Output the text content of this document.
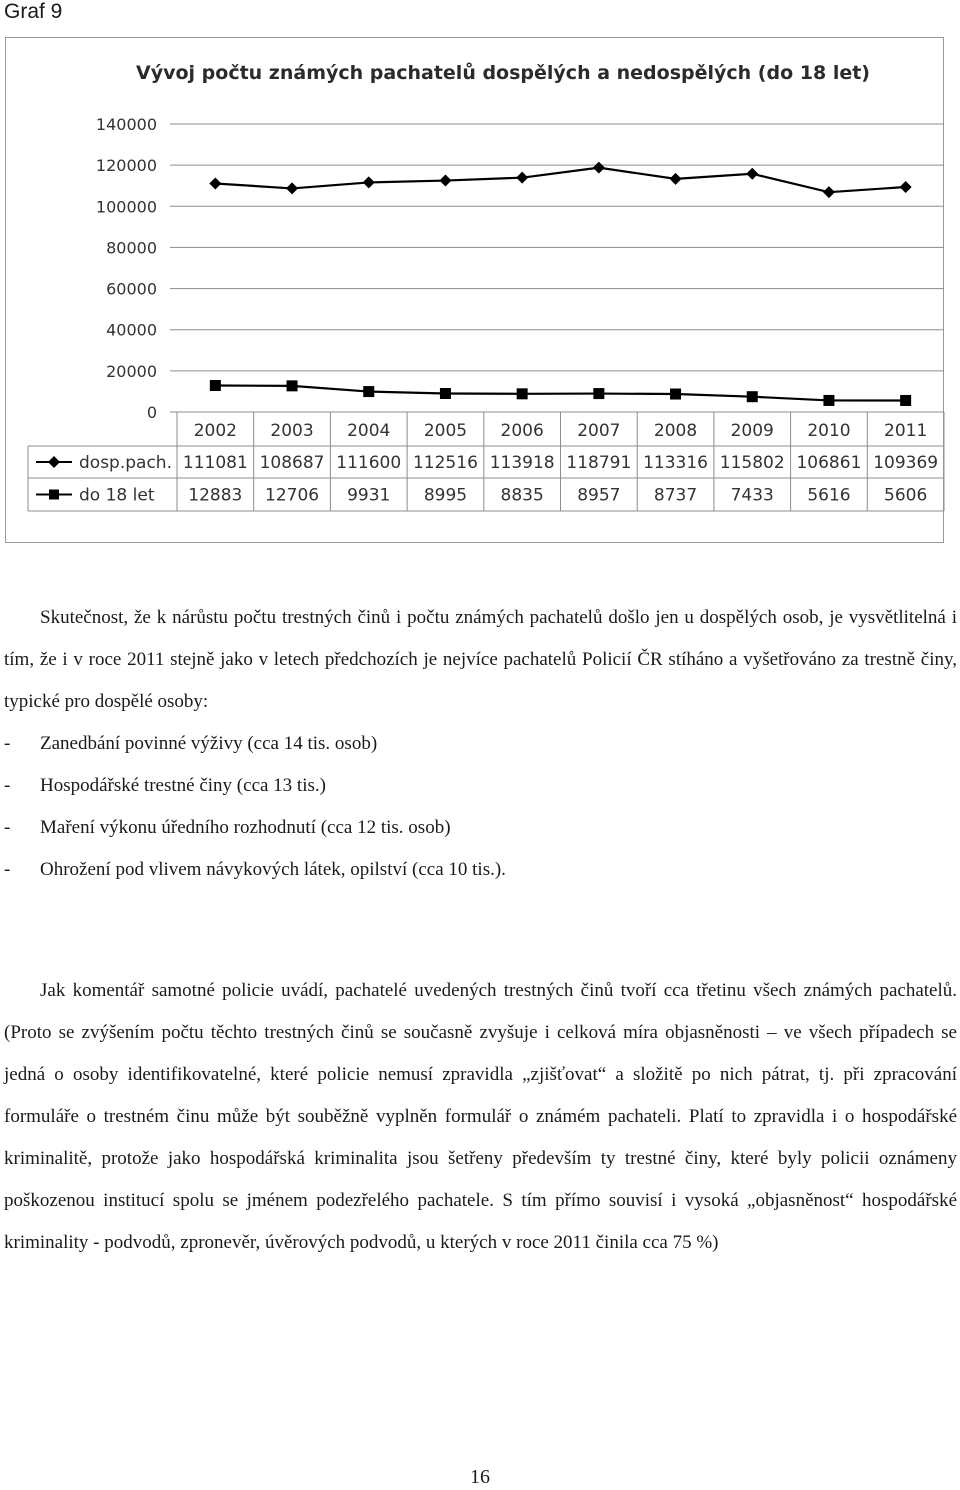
Graf 9
Vývoj počtu známých pachatelů dospělých a nedospělých (do 18 let)
0
20000
40000
60000
80000
100000
120000
140000
2002 2003 2004 2005 2006 2007 2008 2009 2010 2011
dosp.pach. 111081 108687 111600 112516 113918 118791 113316 115802 106861 109369
do 18 let 12883 12706 9931 8995 8835 8957 8737 7433 5616 5606

Skutečnost, že k nárůstu počtu trestných činů i počtu známých pachatelů došlo jen u dospělých osob, je vysvětlitelná i tím, že i v roce 2011 stejně jako v letech předchozích je nejvíce pachatelů Policií ČR stíháno a vyšetřováno za trestně činy, typické pro dospělé osoby:

- Zanedbání povinné výživy (cca 14 tis. osob)
- Hospodářské trestné činy (cca 13 tis.)
- Maření výkonu úředního rozhodnutí (cca 12 tis. osob)
- Ohrožení pod vlivem návykových látek, opilství (cca 10 tis.).

Jak komentář samotné policie uvádí, pachatelé uvedených trestných činů tvoří cca třetinu všech známých pachatelů. (Proto se zvýšením počtu těchto trestných činů se současně zvyšuje i celková míra objasněnosti – ve všech případech se jedná o osoby identifikovatelné, které policie nemusí zpravidla „zjišťovat“ a složitě po nich pátrat, tj. při zpracování formuláře o trestném činu může být souběžně vyplněn formulář o známém pachateli. Platí to zpravidla i o hospodářské kriminalitě, protože jako hospodářská kriminalita jsou šetřeny především ty trestné činy, které byly policii oznámeny poškozenou institucí spolu se jménem podezřelého pachatele. S tím přímo souvisí i vysoká „objasněnost“ hospodářské kriminality - podvodů, zpronevěr, úvěrových podvodů, u kterých v roce 2011 činila cca 75 %)

16
